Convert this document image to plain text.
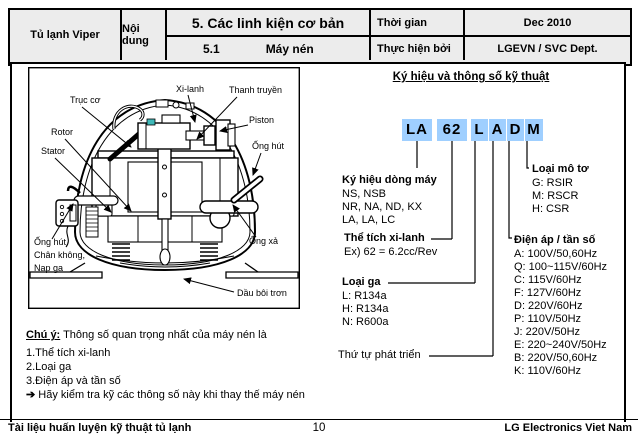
Tủ lạnh Viper	Nội dung
5. Các linh kiện cơ bản	Thời gian	Dec 2010
5.1	Máy nén	Thực hiện bởi	LGEVN / SVC Dept.
Xi-lanh	Thanh truyền
Trục cơ
Piston
Rotor
Stator	Ống hút
Ống xả
Ống hút
Chân không,
Nạp ga
Dầu bôi trơn
Ký hiệu và thông số kỹ thuật
LA 62 L A D M
Ký hiệu dòng máy
NS, NSB
NR, NA, ND, KX
LA, LA, LC
Thể tích xi-lanh
Ex) 62 = 6.2cc/Rev
Loại ga
L: R134a
H: R134a
N: R600a
Thứ tự phát triển
Loại mô tơ
G: RSIR
M: RSCR
H: CSR
Điện áp / tần số
A: 100V/50,60Hz
Q: 100~115V/60Hz
C: 115V/60Hz
F: 127V/60Hz
D: 220V/60Hz
P: 110V/50Hz
J: 220V/50Hz
E: 220~240V/50Hz
B: 220V/50,60Hz
K: 110V/60Hz
Chú ý: Thông số quan trọng nhất của máy nén là
1.Thể tích xi-lanh
2.Loại ga
3.Điện áp và tần số
➔ Hãy kiểm tra kỹ các thông số này khi thay thế máy nén
Tài liệu huấn luyện kỹ thuật tủ lạnh	10	LG Electronics Viet Nam
